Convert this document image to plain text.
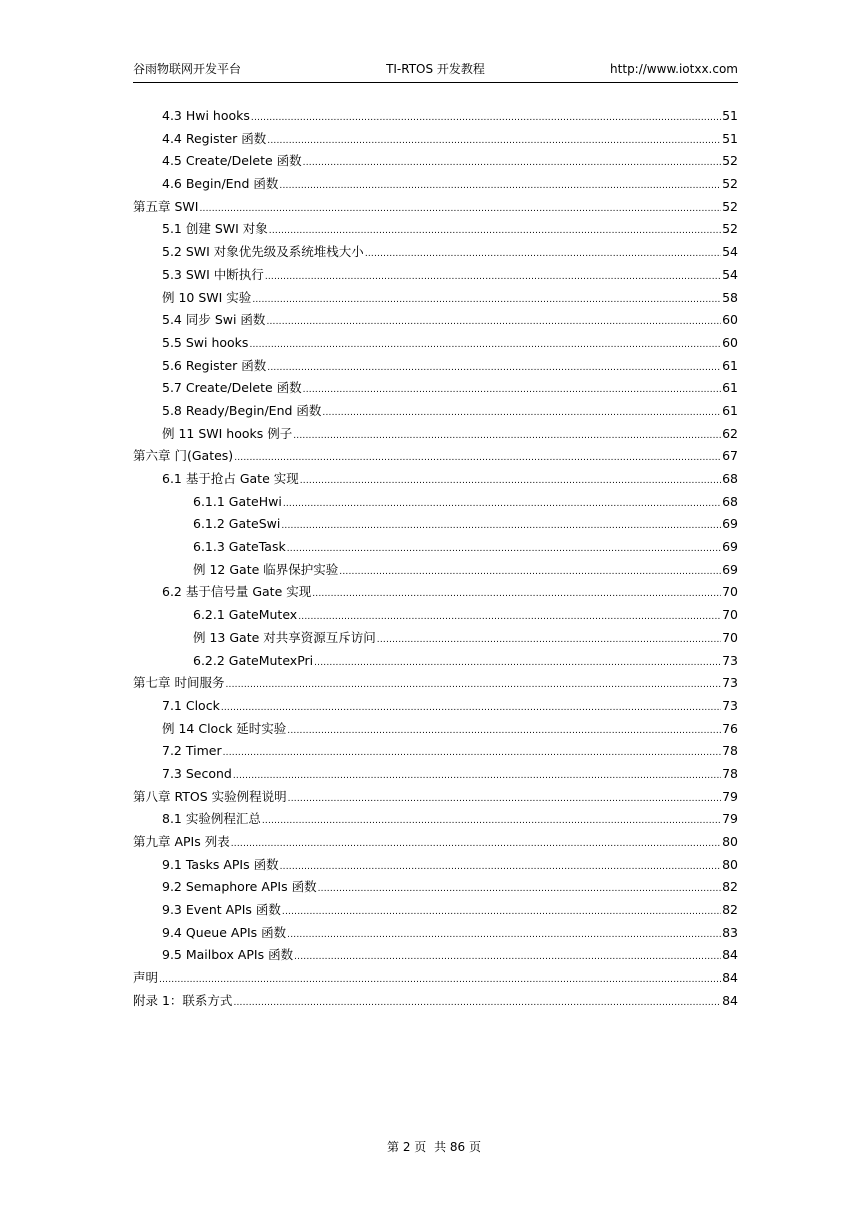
谷雨物联网开发平台	TI-RTOS 开发教程	http://www.iotxx.com
4.3 Hwi hooks .....	51
4.4 Register 函数 .....	51
4.5 Create/Delete 函数 .....	52
4.6 Begin/End 函数 .....	52
第五章 SWI .....	52
5.1 创建 SWI 对象 .....	52
5.2 SWI 对象优先级及系统堆栈大小 .....	54
5.3 SWI 中断执行 .....	54
例 10 SWI 实验 .....	58
5.4 同步 Swi 函数 .....	60
5.5 Swi hooks .....	60
5.6 Register 函数 .....	61
5.7 Create/Delete 函数 .....	61
5.8 Ready/Begin/End 函数 .....	61
例 11 SWI hooks 例子 .....	62
第六章 门(Gates) .....	67
6.1 基于抢占 Gate 实现 .....	68
6.1.1 GateHwi .....	68
6.1.2 GateSwi .....	69
6.1.3 GateTask .....	69
例 12 Gate 临界保护实验 .....	69
6.2 基于信号量 Gate 实现 .....	70
6.2.1 GateMutex .....	70
例 13 Gate 对共享资源互斥访问 .....	70
6.2.2 GateMutexPri .....	73
第七章 时间服务 .....	73
7.1 Clock .....	73
例 14 Clock 延时实验 .....	76
7.2 Timer .....	78
7.3 Second .....	78
第八章 RTOS 实验例程说明 .....	79
8.1 实验例程汇总 .....	79
第九章 APIs 列表 .....	80
9.1 Tasks APIs 函数 .....	80
9.2 Semaphore APIs 函数 .....	82
9.3 Event APIs 函数 .....	82
9.4 Queue APIs 函数 .....	83
9.5 Mailbox APIs 函数 .....	84
声明 .....	84
附录 1：联系方式 .....	84
第 2 页 共 86 页
